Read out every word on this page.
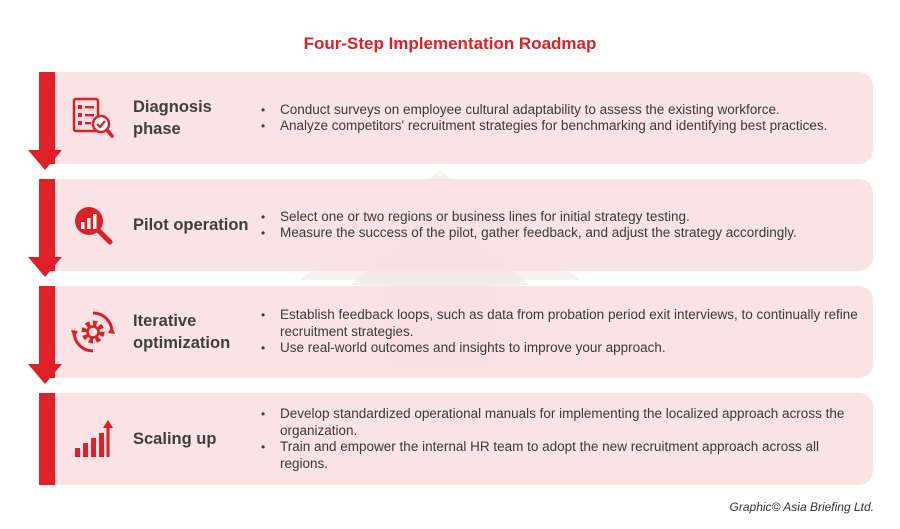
Four-Step Implementation Roadmap
Diagnosis phase
• Conduct surveys on employee cultural adaptability to assess the existing workforce.
• Analyze competitors' recruitment strategies for benchmarking and identifying best practices.
Pilot operation
•	Select one or two regions or business lines for initial strategy testing.
• Measure the success of the pilot, gather feedback, and adjust the strategy accordingly.
Iterative optimization
• Establish feedback loops, such as data from probation period exit interviews, to continually refine recruitment strategies.
• Use real-world outcomes and insights to improve your approach.
Scaling up
• Develop standardized operational manuals for implementing the localized approach across the organization.
• Train and empower the internal HR team to adopt the new recruitment approach across all regions.
Graphic© Asia Briefing Ltd.
